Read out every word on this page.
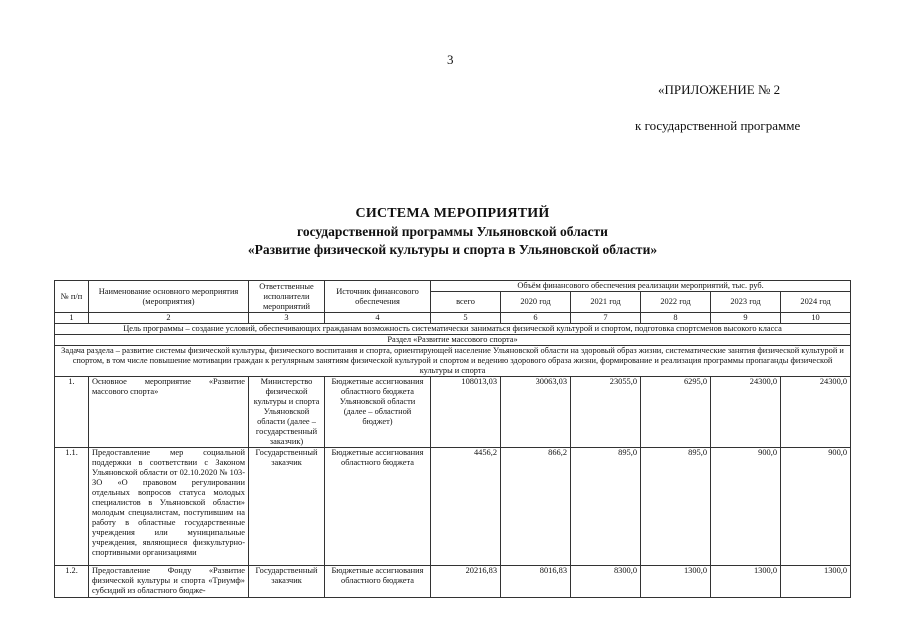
3
«ПРИЛОЖЕНИЕ № 2
к государственной программе
СИСТЕМА МЕРОПРИЯТИЙ
государственной программы Ульяновской области
«Развитие физической культуры и спорта в Ульяновской области»
№ п/п	Наименование основного мероприятия (мероприятия)	Ответственные исполнители мероприятий	Источник финансового обеспечения	Объём финансового обеспечения реализации мероприятий, тыс. руб.					
				всего	2020 год	2021 год	2022 год	2023 год	2024 год
1	2	3	4	5	6	7	8	9	10
Цель программы – создание условий, обеспечивающих гражданам возможность систематически заниматься физической культурой и спортом, подготовка спортсменов высокого класса									
Раздел «Развитие массового спорта»									
Задача раздела – развитие системы физической культуры, физического воспитания и спорта, ориентирующей население Ульяновской области на здоровый образ жизни, систематические занятия физической культурой и спортом, в том числе повышение мотивации граждан к регулярным занятиям физической культурой и спортом и ведению здорового образа жизни, формирование и реализация программы пропаганды физической культуры и спорта									
1.	Основное мероприятие «Развитие массового спорта»	Министерство физической культуры и спорта Ульяновской области (далее – государственный заказчик)	Бюджетные ассигнования областного бюджета Ульяновской области (далее – областной бюджет)	108013,03	30063,03	23055,0	6295,0	24300,0	24300,0
1.1.	Предоставление мер социальной поддержки в соответствии с Законом Ульяновской области от 02.10.2020 № 103-ЗО «О правовом регулировании отдельных вопросов статуса молодых специалистов в Ульяновской области» молодым специалистам, поступившим на работу в областные государственные учреждения или муниципальные учреждения, являющиеся физкультурно-спортивными организациями	Государственный заказчик	Бюджетные ассигнования областного бюджета	4456,2	866,2	895,0	895,0	900,0	900,0
1.2.	Предоставление Фонду «Развитие физической культуры и спорта «Триумф» субсидий из областного бюдже-	Государственный заказчик	Бюджетные ассигнования областного бюджета	20216,83	8016,83	8300,0	1300,0	1300,0	1300,0
